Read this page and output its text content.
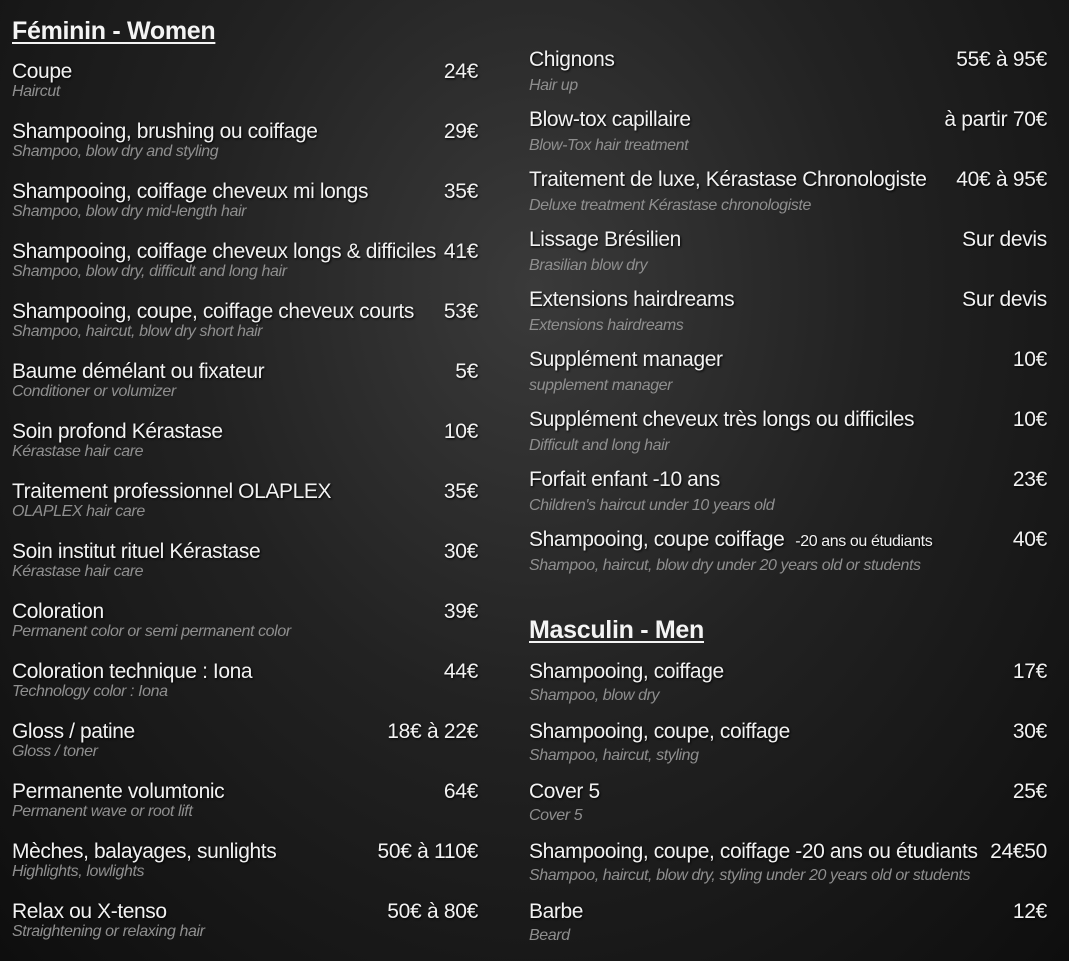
Féminin - Women
Coupe	24€
Haircut
Shampooing, brushing ou coiffage	29€
Shampoo, blow dry and styling
Shampooing, coiffage cheveux mi longs	35€
Shampoo, blow dry mid-length hair
Shampooing, coiffage cheveux longs & difficiles 41€
Shampoo, blow dry, difficult and long hair
Shampooing, coupe, coiffage cheveux courts 53€
Shampoo, haircut, blow dry short hair
Baume démélant ou fixateur	5€
Conditioner or volumizer
Soin profond Kérastase	10€
Kérastase hair care
Traitement professionnel OLAPLEX	35€
OLAPLEX hair care
Soin institut rituel Kérastase	30€
Kérastase hair care
Coloration	39€
Permanent color or semi permanent color
Coloration technique : Iona	44€
Technology color : Iona
Gloss / patine	18€ à 22€
Gloss / toner
Permanente volumtonic	64€
Permanent wave or root lift
Mèches, balayages, sunlights	50€ à 110€
Highlights, lowlights
Relax ou X-tenso	50€ à 80€
Straightening or relaxing hair
Chignons	55€ à 95€
Hair up
Blow-tox capillaire	à partir 70€
Blow-Tox hair treatment
Traitement de luxe, Kérastase Chronologiste 40€ à 95€
Deluxe treatment Kérastase chronologiste
Lissage Brésilien	Sur devis
Brasilian blow dry
Extensions hairdreams	Sur devis
Extensions hairdreams
Supplément manager	10€
supplement manager
Supplément cheveux très longs ou difficiles	10€
Difficult and long hair
Forfait enfant -10 ans	23€
Children's haircut under 10 years old
Shampooing, coupe coiffage -20 ans ou étudiants	40€
Shampoo, haircut, blow dry under 20 years old or students
Masculin - Men
Shampooing, coiffage	17€
Shampoo, blow dry
Shampooing, coupe, coiffage	30€
Shampoo, haircut, styling
Cover 5	25€
Cover 5
Shampooing, coupe, coiffage -20 ans ou étudiants 24€50
Shampoo, haircut, blow dry, styling under 20 years old or students
Barbe	12€
Beard
